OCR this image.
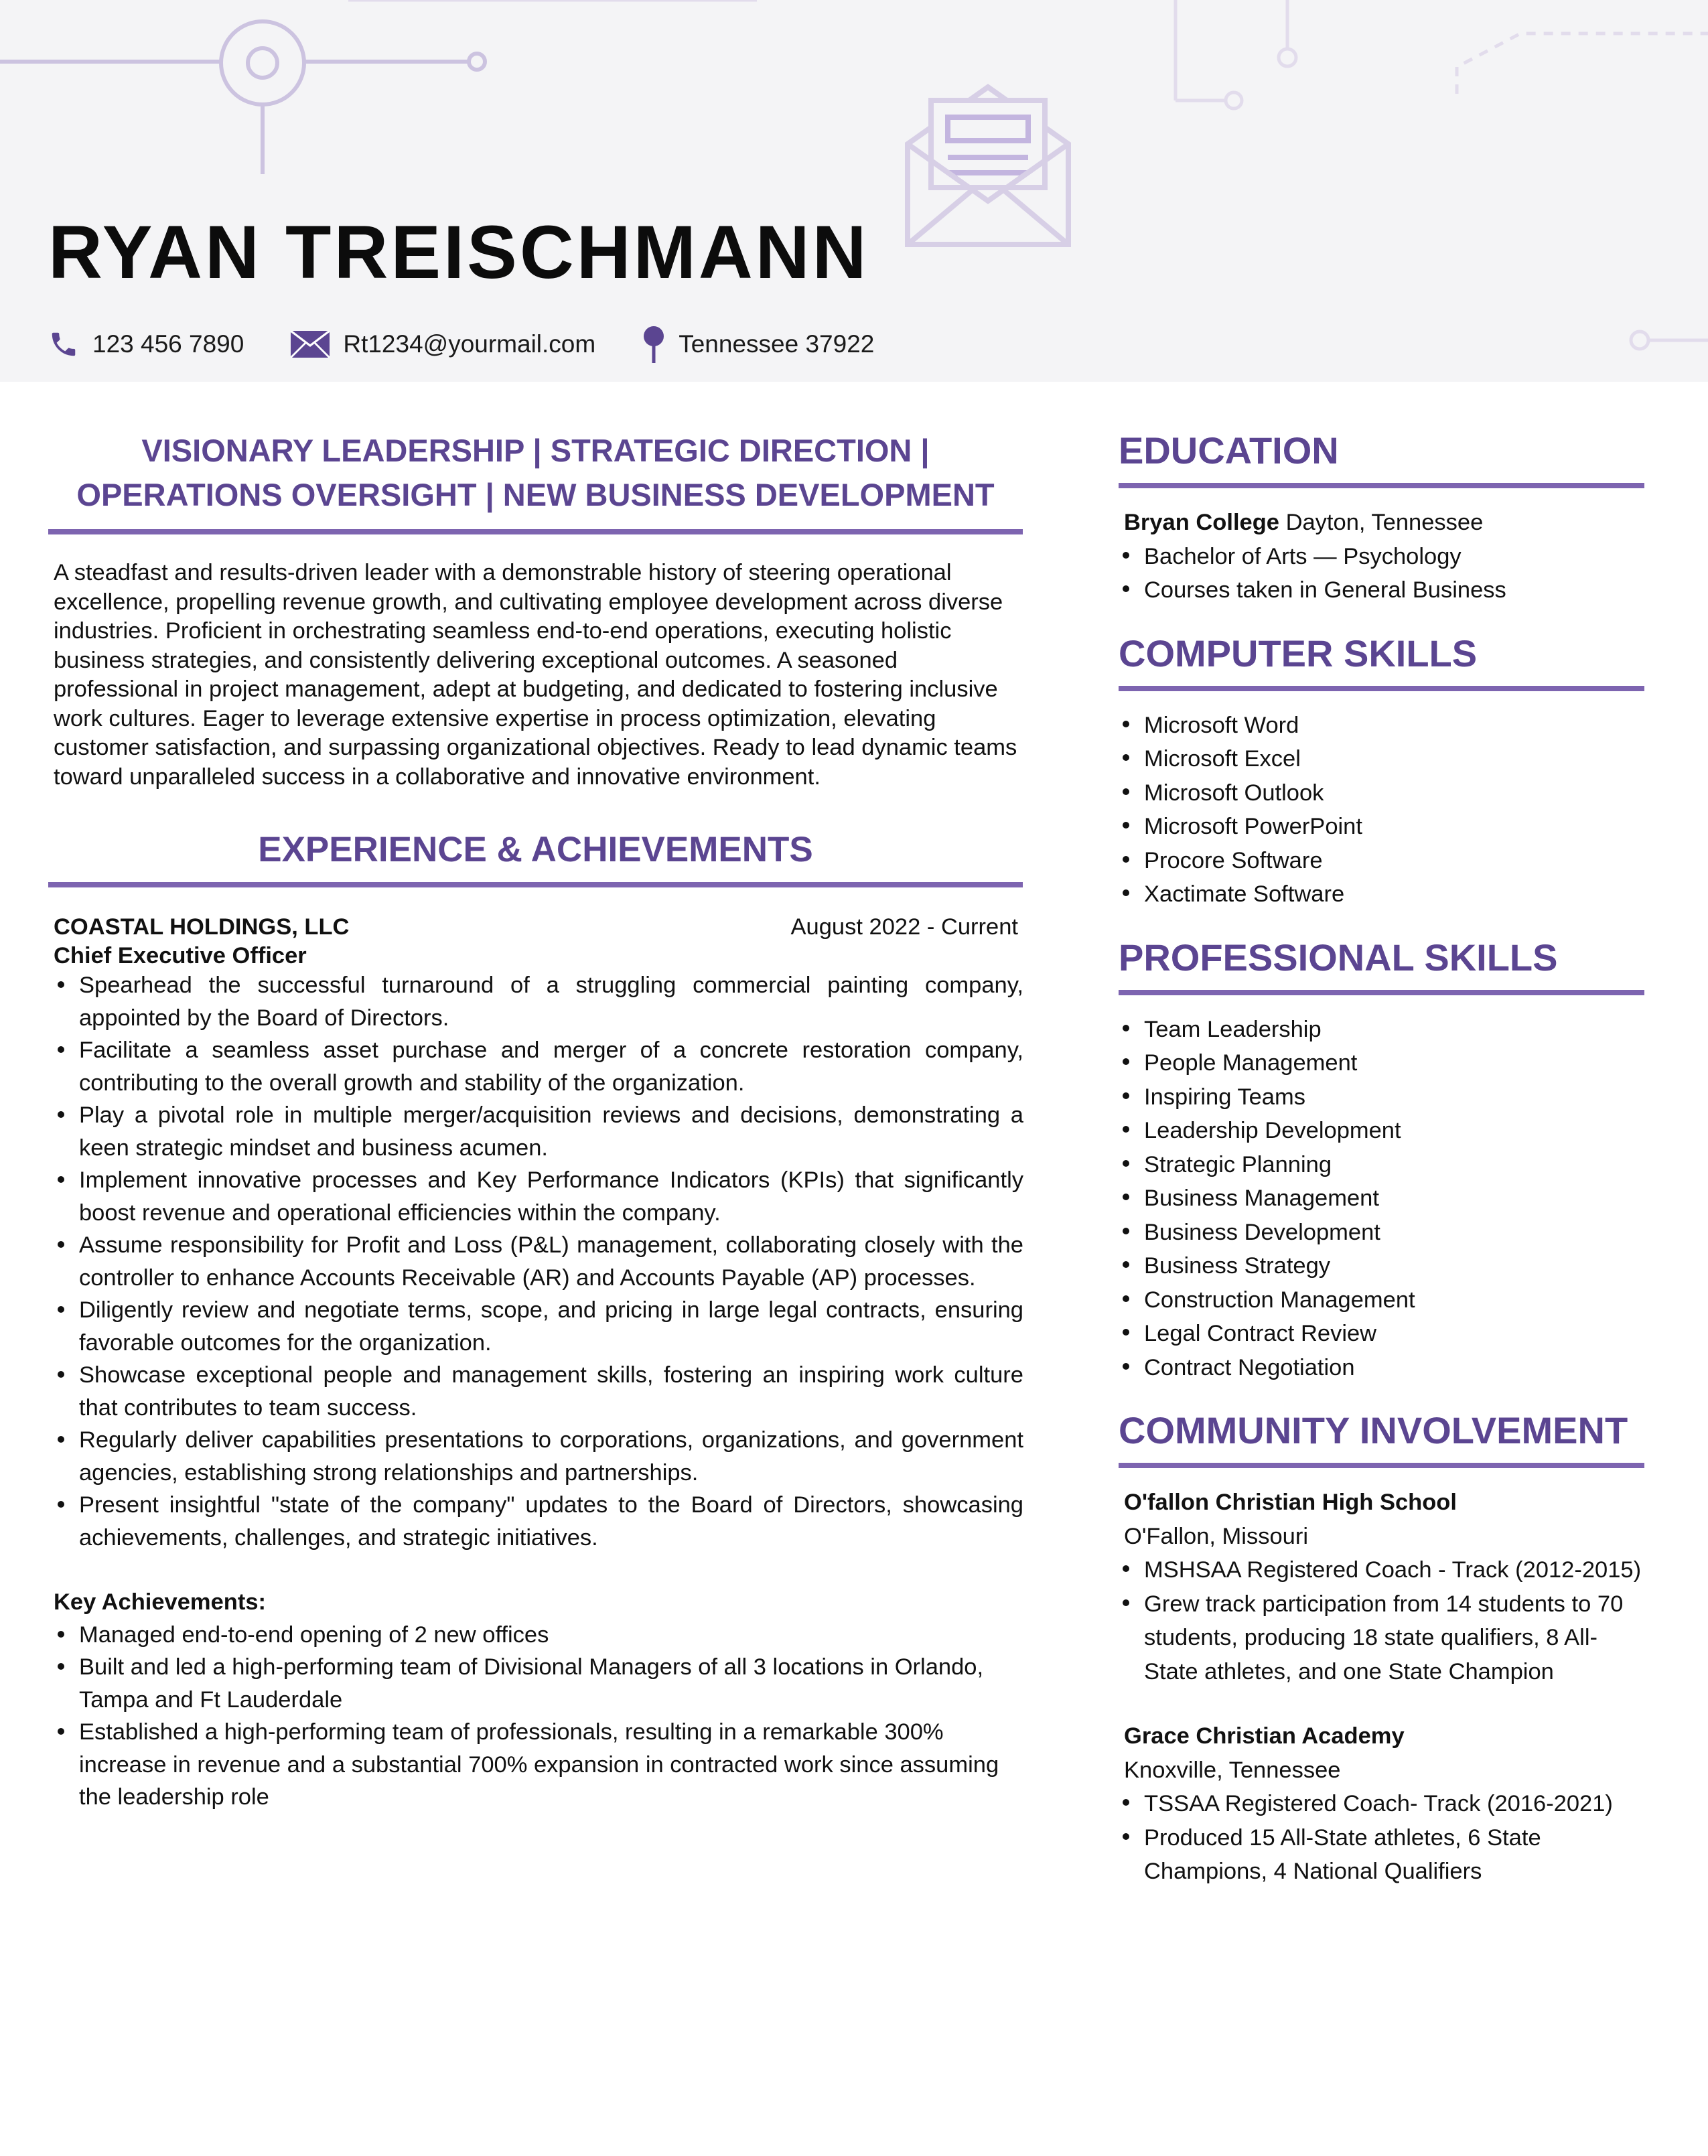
RYAN TREISCHMANN
123 456 7890	Rt1234@yourmail.com	Tennessee 37922

VISIONARY LEADERSHIP | STRATEGIC DIRECTION |
OPERATIONS OVERSIGHT | NEW BUSINESS DEVELOPMENT

A steadfast and results-driven leader with a demonstrable history of steering operational excellence, propelling revenue growth, and cultivating employee development across diverse industries. Proficient in orchestrating seamless end-to-end operations, executing holistic business strategies, and consistently delivering exceptional outcomes. A seasoned professional in project management, adept at budgeting, and dedicated to fostering inclusive work cultures. Eager to leverage extensive expertise in process optimization, elevating customer satisfaction, and surpassing organizational objectives. Ready to lead dynamic teams toward unparalleled success in a collaborative and innovative environment.

EXPERIENCE & ACHIEVEMENTS
COASTAL HOLDINGS, LLC	August 2022 - Current
Chief Executive Officer
Spearhead the successful turnaround of a struggling commercial painting company, appointed by the Board of Directors.
Facilitate a seamless asset purchase and merger of a concrete restoration company, contributing to the overall growth and stability of the organization.
Play a pivotal role in multiple merger/acquisition reviews and decisions, demonstrating a keen strategic mindset and business acumen.
Implement innovative processes and Key Performance Indicators (KPIs) that significantly boost revenue and operational efficiencies within the company.
Assume responsibility for Profit and Loss (P&L) management, collaborating closely with the controller to enhance Accounts Receivable (AR) and Accounts Payable (AP) processes.
Diligently review and negotiate terms, scope, and pricing in large legal contracts, ensuring favorable outcomes for the organization.
Showcase exceptional people and management skills, fostering an inspiring work culture that contributes to team success.
Regularly deliver capabilities presentations to corporations, organizations, and government agencies, establishing strong relationships and partnerships.
Present insightful "state of the company" updates to the Board of Directors, showcasing achievements, challenges, and strategic initiatives.
Key Achievements:
Managed end-to-end opening of 2 new offices
Built and led a high-performing team of Divisional Managers of all 3 locations in Orlando, Tampa and Ft Lauderdale
Established a high-performing team of professionals, resulting in a remarkable 300% increase in revenue and a substantial 700% expansion in contracted work since assuming the leadership role
EDUCATION
Bryan College Dayton, Tennessee
Bachelor of Arts — Psychology
Courses taken in General Business
COMPUTER SKILLS
Microsoft Word
Microsoft Excel
Microsoft Outlook
Microsoft PowerPoint
Procore Software
Xactimate Software
PROFESSIONAL SKILLS
Team Leadership
People Management
Inspiring Teams
Leadership Development
Strategic Planning
Business Management
Business Development
Business Strategy
Construction Management
Legal Contract Review
Contract Negotiation
COMMUNITY INVOLVEMENT
O'fallon Christian High School
O'Fallon, Missouri
MSHSAA Registered Coach - Track (2012-2015)
Grew track participation from 14 students to 70 students, producing 18 state qualifiers, 8 All-State athletes, and one State Champion
Grace Christian Academy
Knoxville, Tennessee
TSSAA Registered Coach- Track (2016-2021)
Produced 15 All-State athletes, 6 State Champions, 4 National Qualifiers
